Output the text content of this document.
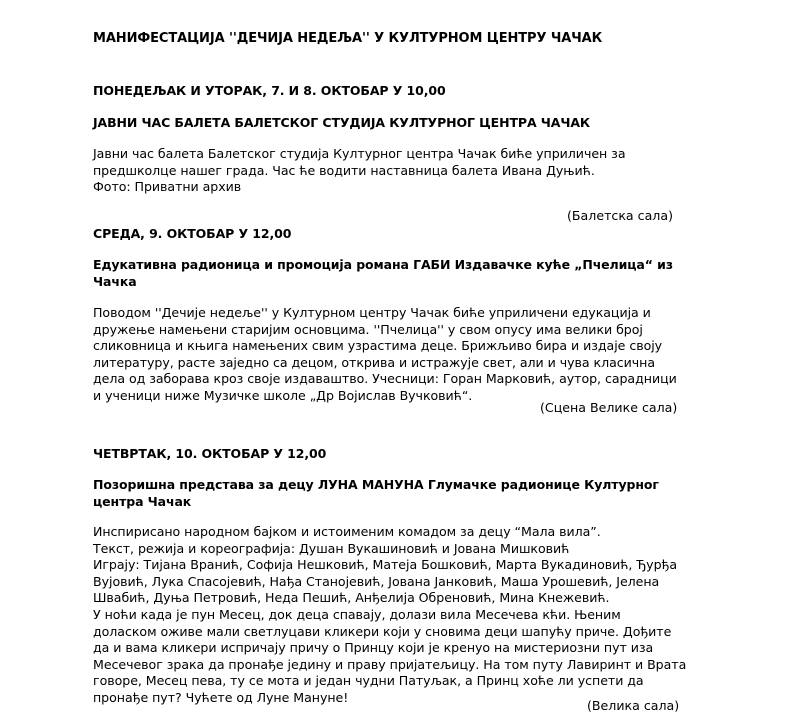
МАНИФЕСТАЦИЈА ''ДЕЧИЈА НЕДЕЉА'' У КУЛТУРНОМ ЦЕНТРУ ЧАЧАК
ПОНЕДЕЉАК И УТОРАК, 7. И 8. ОКТОБАР У 10,00
ЈАВНИ ЧАС БАЛЕТА БАЛЕТСКОГ СТУДИЈА КУЛТУРНОГ ЦЕНТРА ЧАЧАК
Јавни час балета Балетског студија Културног центра Чачак биће уприличен за
предшколце нашег града. Час ће водити наставница балета Ивана Дуњић.
Фото: Приватни архив
(Балетска сала)
СРЕДА, 9. ОКТОБАР У 12,00
Едукативна радионица и промоција романа ГАБИ Издавачке куће „Пчелица“ из
Чачка
Поводом ''Дечије недеље'' у Културном центру Чачак биће уприличени едукација и
дружење намењени старијим основцима. ''Пчелица'' у свом опусу има велики број
сликовница и књига намењених свим узрастима деце. Брижљиво бира и издаје своју
литературу, расте заједно са децом, открива и истражује свет, али и чува класична
дела од заборава кроз своје издаваштво. Учесници: Горан Марковић, аутор, сарадници
и ученици ниже Музичке школе „Др Војислав Вучковић“.
(Сцена Велике сала)
ЧЕТВРТАК, 10. ОКТОБАР У 12,00
Позоришна представа за децу ЛУНА МАНУНА Глумачке радионице Културног
центра Чачак
Инспирисано народном бајком и истоименим комадом за децу “Мала вила”.
Текст, режија и кореографија: Душан Вукашиновић и Јована Мишковић
Играју: Тијана Вранић, Софија Нешковић, Матеја Бошковић, Марта Вукадиновић, Ђурђа
Вујовић, Лука Спасојевић, Нађа Станојевић, Јована Јанковић, Маша Урошевић, Јелена
Швабић, Дуња Петровић, Неда Пешић, Анђелија Обреновић, Мина Кнежевић.
У ноћи када је пун Месец, док деца спавају, долази вила Месечева кћи. Њеним
доласком оживе мали светлуцави кликери који у сновима деци шапућу приче. Дођите
да и вама кликери испричају причу о Принцу који је кренуо на мистериозни пут иза
Месечевог зрака да пронађе једину и праву пријатељицу. На том путу Лавиринт и Врата
говоре, Месец пева, ту се мота и један чудни Патуљак, а Принц хоће ли успети да
пронађе пут? Чућете од Луне Мануне!
(Велика сала)
